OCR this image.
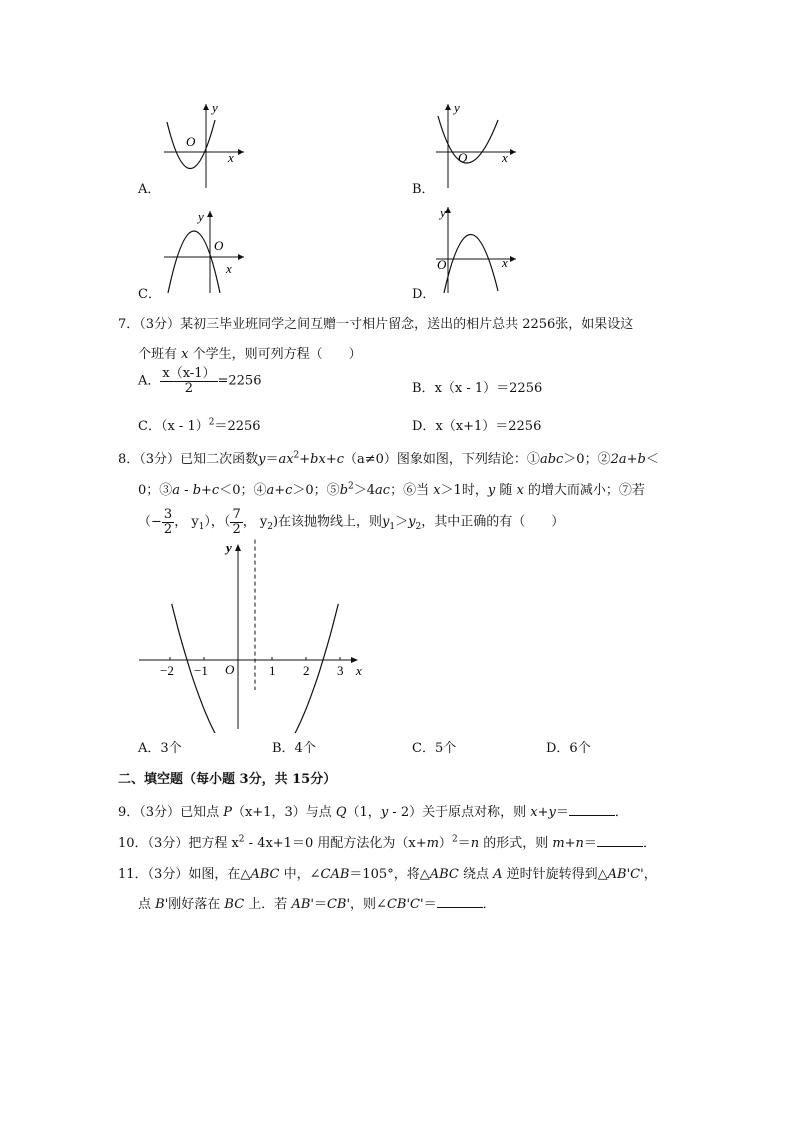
O
x
y
A．
O	x
y
B．
O
x
y
C．
O	x
y
D．
7．（3分）某初三毕业班同学之间互赠一寸相片留念，送出的相片总共 2256张，如果设这
个班有 x 个学生，则可列方程（ ）
A． $\frac{x(x-1)}{2} =2256$	B．x（x - 1）＝2256
C．（x - 1）$^2$＝2256	D．x（x+1）＝2256
8．（3分）已知二次函数$y=ax^2+bx+c(a\ne 0)$图象如图，下列结论：①abc＞0；②2a+b＜
0；③a - b+c＜0；④a+c＞0；$⑤b^2>4ac$；⑥当 x＞1时，y 随 x 的增大而减小；⑦若
（− $\frac{3}{2}$ ， $y_1$），（ $\frac{7}{2}$ ， $y_2$)在该抛物线上，则$y_1>y_2$，其中正确的有（ ）
y
x
O
−2 −1	1 2 3
A．3个	B．4个	C．5个	D．6个
二、填空题（每小题 3分，共 15分）
9．（3分）已知点 P（x+1，3）与点 Q（1，y - 2）关于原点对称，则 x+y＝	．
10．（3分）把方程 $x^2 - 4x+1=0$ 用配方法化为$(x+m)^2=n$ 的形式，则 m+n＝	．
11．（3分）如图，在△ABC 中，∠CAB＝105°，将△ABC 绕点 A 逆时针旋转得到△AB'C'，
点 B'刚好落在 BC 上．若 AB'＝CB'，则∠CB'C'＝	．
